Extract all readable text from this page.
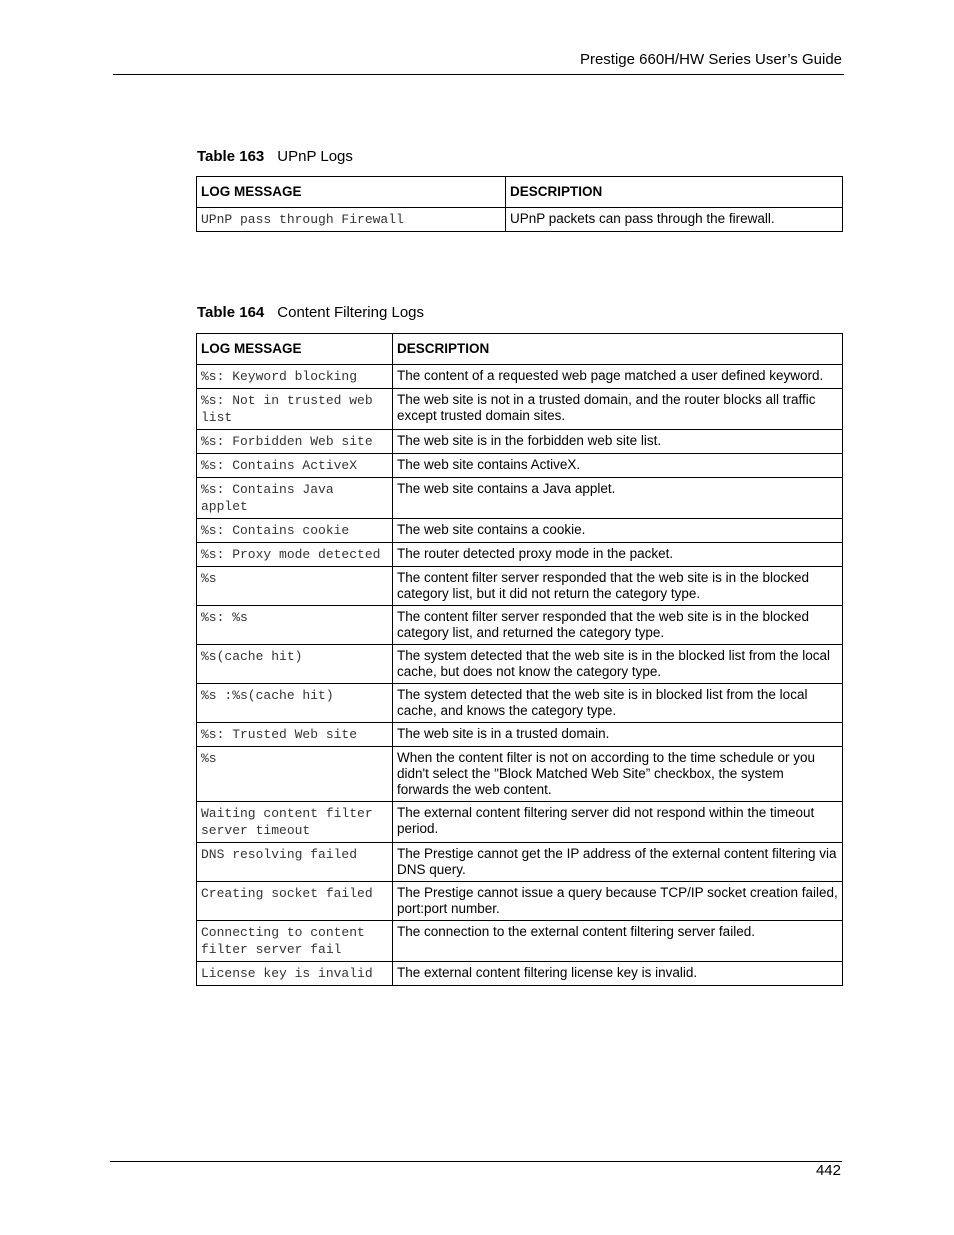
Prestige 660H/HW Series User’s Guide
Table 163 UPnP Logs
LOG MESSAGE	DESCRIPTION
UPnP pass through Firewall	UPnP packets can pass through the firewall.
Table 164 Content Filtering Logs
LOG MESSAGE	DESCRIPTION
%s: Keyword blocking	The content of a requested web page matched a user defined keyword.
%s: Not in trusted web list	The web site is not in a trusted domain, and the router blocks all traffic except trusted domain sites.
%s: Forbidden Web site	The web site is in the forbidden web site list.
%s: Contains ActiveX	The web site contains ActiveX.
%s: Contains Java applet	The web site contains a Java applet.
%s: Contains cookie	The web site contains a cookie.
%s: Proxy mode detected	The router detected proxy mode in the packet.
%s	The content filter server responded that the web site is in the blocked category list, but it did not return the category type.
%s: %s	The content filter server responded that the web site is in the blocked category list, and returned the category type.
%s(cache hit)	The system detected that the web site is in the blocked list from the local cache, but does not know the category type.
%s :%s(cache hit)	The system detected that the web site is in blocked list from the local cache, and knows the category type.
%s: Trusted Web site	The web site is in a trusted domain.
%s	When the content filter is not on according to the time schedule or you didn't select the "Block Matched Web Site” checkbox, the system forwards the web content.
Waiting content filter server timeout	The external content filtering server did not respond within the timeout period.
DNS resolving failed	The Prestige cannot get the IP address of the external content filtering via DNS query.
Creating socket failed	The Prestige cannot issue a query because TCP/IP socket creation failed, port:port number.
Connecting to content filter server fail	The connection to the external content filtering server failed.
License key is invalid	The external content filtering license key is invalid.
442
